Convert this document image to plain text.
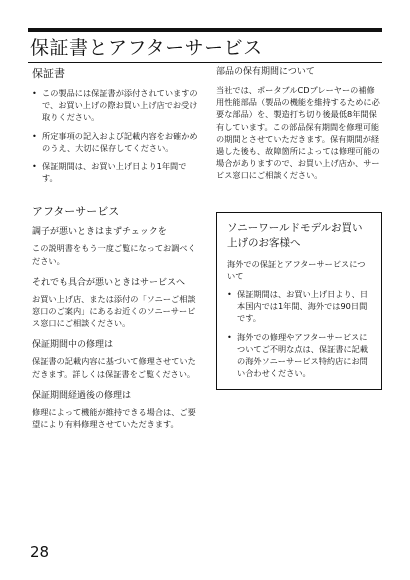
保証書とアフターサービス
保証書
• この製品には保証書が添付されていますので、お買い上げの際お買い上げ店でお受け取りください。
• 所定事項の記入および記載内容をお確かめのうえ、大切に保存してください。
• 保証期間は、お買い上げ日より1年間です。
アフターサービス
調子が悪いときはまずチェックを

この説明書をもう一度ご覧になってお調べください。

それでも具合が悪いときはサービスへ

お買い上げ店、または添付の「ソニーご相談窓口のご案内」にあるお近くのソニーサービス窓口にご相談ください。

保証期間中の修理は

保証書の記載内容に基づいて修理させていただきます。詳しくは保証書をご覧ください。

保証期間経過後の修理は

修理によって機能が維持できる場合は、ご要望により有料修理させていただきます。

部品の保有期間について

当社では、ポータブルCDプレーヤーの補修用性能部品（製品の機能を維持するために必要な部品）を、製造打ち切り後最低8年間保有しています。この部品保有期間を修理可能の期間とさせていただきます。保有期間が経過した後も、故障箇所によっては修理可能の場合がありますので、お買い上げ店か、サービス窓口にご相談ください。

ソニーワールドモデルお買い上げのお客様へ

海外での保証とアフターサービスについて

• 保証期間は、お買い上げ日より、日本国内では1年間、海外では90日間です。
• 海外での修理やアフターサービスについてご不明な点は、保証書に記載の海外ソニーサービス特約店にお問い合わせください。
28
